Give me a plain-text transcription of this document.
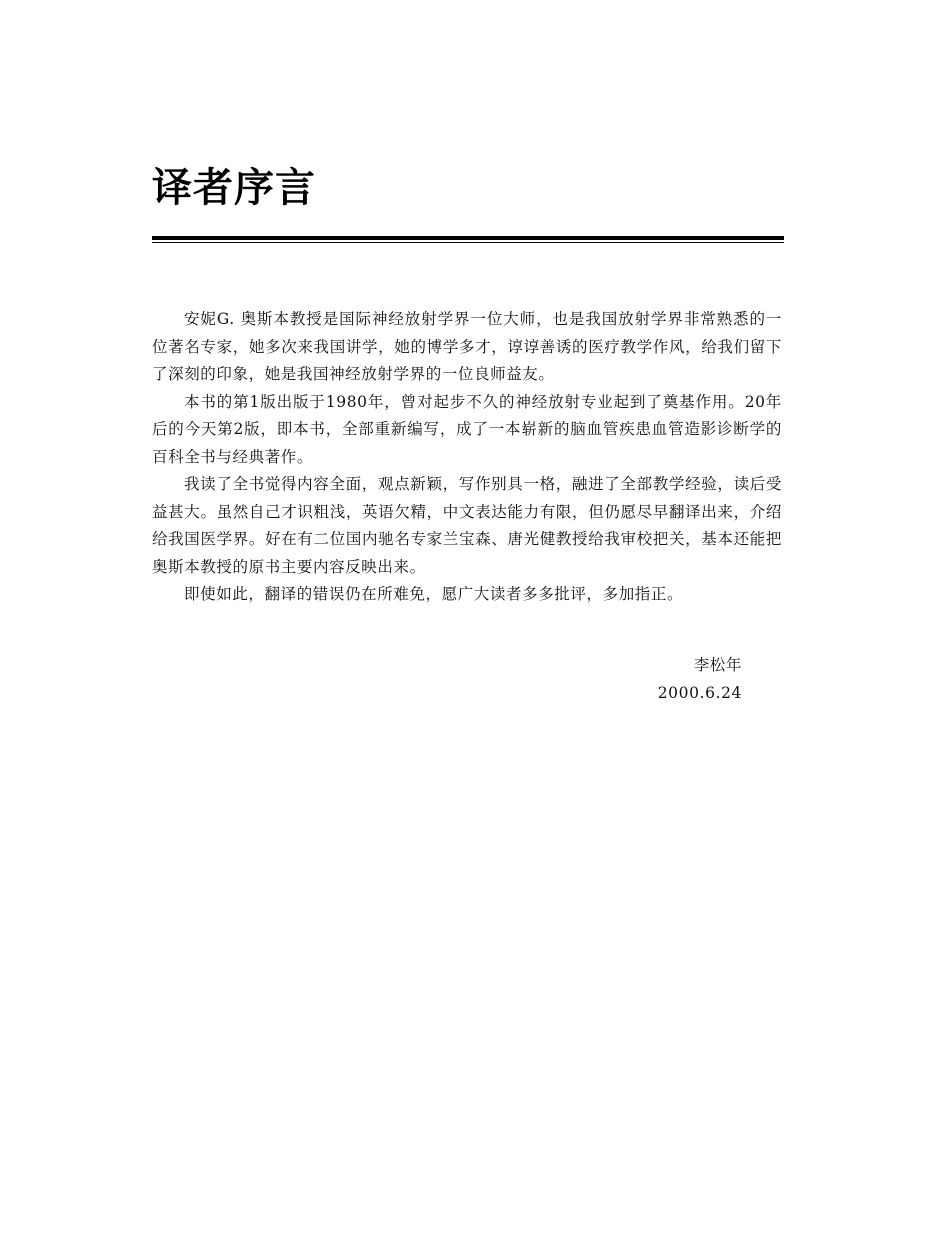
译者序言

安妮G. 奥斯本教授是国际神经放射学界一位大师，也是我国放射学界非常熟悉的一位著名专家，她多次来我国讲学，她的博学多才，谆谆善诱的医疗教学作风，给我们留下了深刻的印象，她是我国神经放射学界的一位良师益友。

本书的第1版出版于1980年，曾对起步不久的神经放射专业起到了奠基作用。20年后的今天第2版，即本书，全部重新编写，成了一本崭新的脑血管疾患血管造影诊断学的百科全书与经典著作。

我读了全书觉得内容全面，观点新颖，写作别具一格，融进了全部教学经验，读后受益甚大。虽然自己才识粗浅，英语欠精，中文表达能力有限，但仍愿尽早翻译出来，介绍给我国医学界。好在有二位国内驰名专家兰宝森、唐光健教授给我审校把关，基本还能把奥斯本教授的原书主要内容反映出来。

即使如此，翻译的错误仍在所难免，愿广大读者多多批评，多加指正。

李松年
2000.6.24
